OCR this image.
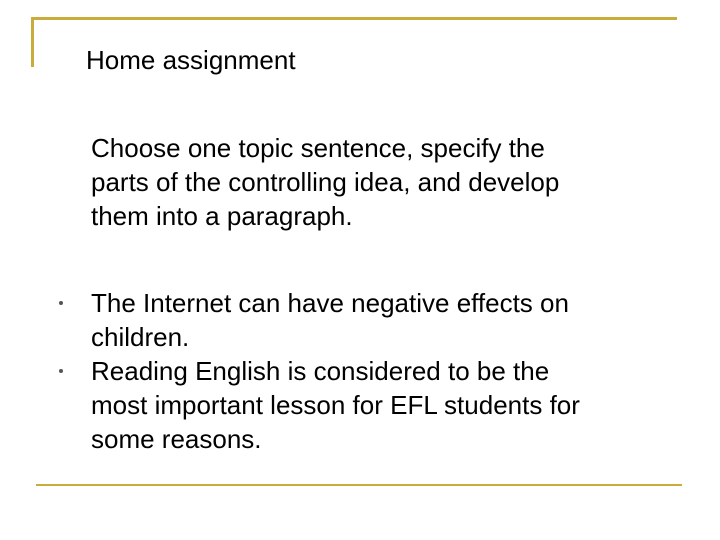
Home assignment
Choose one topic sentence, specify the
parts of the controlling idea, and develop
them into a paragraph.
The Internet can have negative effects on
children.
Reading English is considered to be the
most important lesson for EFL students for
some reasons.
